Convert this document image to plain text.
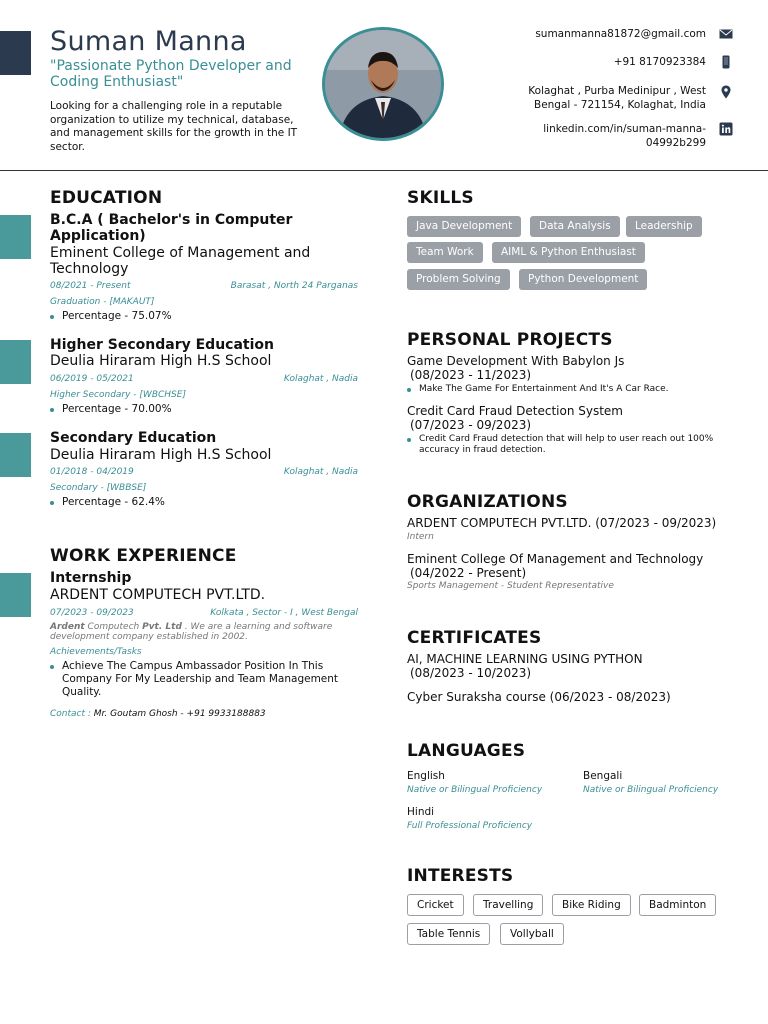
Suman Manna
"Passionate Python Developer and Coding Enthusiast"
Looking for a challenging role in a reputable organization to utilize my technical, database, and management skills for the growth in the IT sector.
sumanmanna81872@gmail.com
+91 8170923384
Kolaghat , Purba Medinipur , West Bengal - 721154, Kolaghat, India
linkedin.com/in/suman-manna-04992b299
EDUCATION
B.C.A ( Bachelor's in Computer Application)
Eminent College of Management and Technology
08/2021 - Present	Barasat , North 24 Parganas
Graduation - [MAKAUT]
Percentage - 75.07%
Higher Secondary Education
Deulia Hiraram High H.S School
06/2019 - 05/2021	Kolaghat , Nadia
Higher Secondary - [WBCHSE]
Percentage - 70.00%
Secondary Education
Deulia Hiraram High H.S School
01/2018 - 04/2019	Kolaghat , Nadia
Secondary - [WBBSE]
Percentage - 62.4%
WORK EXPERIENCE
Internship
ARDENT COMPUTECH PVT.LTD.
07/2023 - 09/2023	Kolkata , Sector - I , West Bengal
Ardent Computech Pvt. Ltd . We are a learning and software development company established in 2002.
Achievements/Tasks
Achieve The Campus Ambassador Position In This Company For My Leadership and Team Management Quality.
Contact : Mr. Goutam Ghosh - +91 9933188883
SKILLS
Java Development	Data Analysis	Leadership
Team Work	AIML & Python Enthusiast
Problem Solving	Python Development
PERSONAL PROJECTS
Game Development With Babylon Js
(08/2023 - 11/2023)
Make The Game For Entertainment And It's A Car Race.
Credit Card Fraud Detection System
(07/2023 - 09/2023)
Credit Card Fraud detection that will help to user reach out 100% accuracy in fraud detection.
ORGANIZATIONS
ARDENT COMPUTECH PVT.LTD. (07/2023 - 09/2023)
Intern
Eminent College Of Management and Technology
(04/2022 - Present)
Sports Management - Student Representative
CERTIFICATES
AI, MACHINE LEARNING USING PYTHON
(08/2023 - 10/2023)
Cyber Suraksha course (06/2023 - 08/2023)
LANGUAGES
English
Native or Bilingual Proficiency
Bengali
Native or Bilingual Proficiency
Hindi
Full Professional Proficiency
INTERESTS
Cricket	Travelling	Bike Riding	Badminton
Table Tennis	Vollyball
